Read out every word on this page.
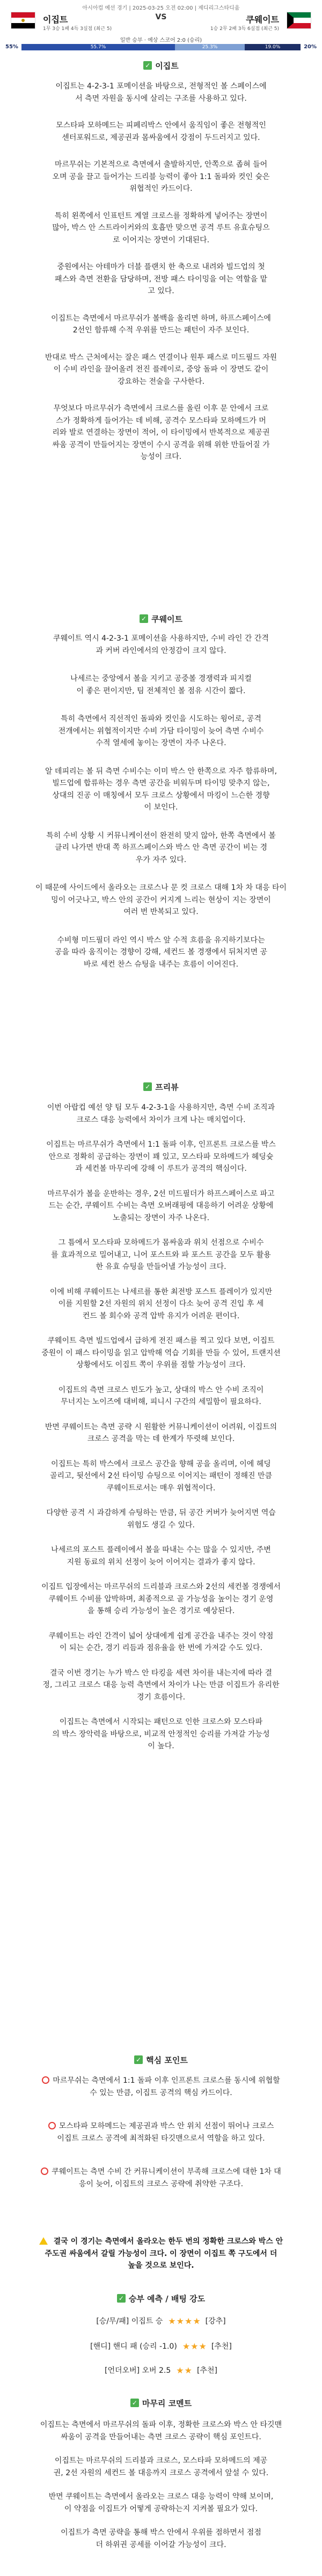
아시아컵 예선 경기 | 2025-03-25 오전 02:00 | 제디리그스타디움
이집트
1무 3승 1패 4득 3실점 (최근 5)
VS	쿠웨이트
1승 2무 2패 3득 6실점 (최근 5)
일반 승부 · 예상 스코어 2:0 (승리)
55%	55.7%	25.3%	19.0%	20%
✓ 이집트
이집트는 4-2-3-1 포메이션을 바탕으로, 전형적인 볼 스페이스에
서 측면 자원을 동시에 살리는 구조를 사용하고 있다.
모스타파 모하메드는 피페리박스 안에서 움직임이 좋은 전형적인
센터포워드로, 제공권과 몸싸움에서 강점이 두드러지고 있다.
마르무쉬는 기본적으로 측면에서 출발하지만, 안쪽으로 좁혀 들어
오며 공을 끌고 들어가는 드리블 능력이 좋아 1:1 돌파와 컷인 슛은
위협적인 카드이다.
특히 왼쪽에서 인표턴트 계열 크로스를 정확하게 넣어주는 장면이
많아, 박스 안 스트라이커와의 호흡만 맞으면 공격 루트 유효슈팅으
로 이어지는 장면이 기대된다.
중원에서는 아테마가 더블 플랜치 한 축으로 내려와 빌드업의 첫
패스와 측면 전환을 담당하며, 전방 패스 타이밍을 여는 역할을 맡
고 있다.
이집트는 측면에서 마르무쉬가 볼백을 올리면 하며, 하프스페이스에
2선인 함류해 수적 우위를 만드는 패턴이 자주 보인다.
반대로 박스 근처에서는 잘은 패스 연결이나 원투 패스로 미드필드 자원
이 수비 라인을 끌어올려 전진 플레이로, 중앙 돌파 이 장면도 같이
강요하는 전술을 구사한다.
무엇보다 마르무쉬가 측면에서 크로스를 올린 이후 문 안에서 크로
스가 정확하게 들어가는 데 비해, 공격수 모스타파 모하메드가 머
리와 발로 연결하는 장면이 적어, 이 타이밍에서 반복적으로 제공권
싸움 공격이 만들어지는 장면이 수시 공격을 위해 위한 만들어질 가
능성이 크다.
✓ 쿠웨이트
쿠웨이트 역시 4-2-3-1 포메이션을 사용하지만, 수비 라인 간 간격
과 커버 라인에서의 안정감이 크지 않다.
나세르는 중앙에서 볼을 지키고 공중볼 경쟁력과 피지컬
이 좋은 편이지만, 팀 전체적인 볼 점유 시간이 짧다.
특히 측면에서 직선적인 돌파와 컷인을 시도하는 윙어로, 공격
전개에서는 위협적이지만 수비 가담 타이밍이 늦어 측면 수비수
수적 열세에 놓이는 장면이 자주 나온다.
알 데피리는 볼 뒤 측면 수비수는 이미 박스 안 한쪽으로 자주 함류하며,
빌드업에 합류하는 경우 측면 공간을 비워두며 타이밍 맞추지 않는,
상대의 진공 이 매칭에서 모두 크로스 상황에서 마킹이 느슨한 경향
이 보인다.
특히 수비 상황 시 커뮤니케이션이 완전히 맞지 않아, 한쪽 측면에서 볼
클리 나가면 반대 쪽 하프스페이스와 박스 안 측면 공간이 비는 경
우가 자주 있다.
이 때문에 사이드에서 올라오는 크로스나 문 컷 크로스 대해 1차 차 대응 타이
밍이 어긋나고, 박스 안의 공간이 커지게 느리는 현상이 지는 장면이
여러 번 반복되고 있다.
수비형 미드필더 라인 역시 박스 앞 수적 흐름을 유지하기보다는
공을 따라 움직이는 경향이 강해, 세컨드 볼 경쟁에서 뒤처지면 공
바로 세컨 찬스 슈팅을 내주는 흐름이 이어진다.
✓ 프리뷰
이번 아랍컵 예선 양 팀 모두 4-2-3-1을 사용하지만, 측면 수비 조직과
크로스 대응 능력에서 차이가 크게 나는 매치업이다.
이집트는 마르무쉬가 측면에서 1:1 돌파 이후, 인프론트 크로스를 박스
안으로 정확히 공급하는 장면이 꽤 있고, 모스타파 모하메드가 헤딩슛
과 세컨볼 마무리에 강해 이 루트가 공격의 핵심이다.
마르무쉬가 볼을 운반하는 경우, 2선 미드필더가 하프스페이스로 파고
드는 순간, 쿠웨이트 수비는 측면 오버래핑에 대응하기 어려운 상황에
노출되는 장면이 자주 나온다.
그 틈에서 모스타파 모하메드가 몸싸움과 위치 선점으로 수비수
를 효과적으로 밀어내고, 니어 포스트와 파 포스트 공간을 모두 활용
한 유효 슈팅을 만들어낼 가능성이 크다.
이에 비해 쿠웨이트는 나세르를 통한 최전방 포스트 플레이가 있지만
이를 지원할 2선 자원의 위치 선정이 다소 늦어 공격 진입 후 세
컨드 볼 회수와 공격 압박 유지가 어려운 편이다.
쿠웨이트 측면 빌드업에서 급하게 전진 패스를 찍고 있다 보면, 이집트
중원이 이 패스 타이밍을 읽고 압박해 역습 기회를 만들 수 있어, 트랜지션
상황에서도 이집트 쪽이 우위를 점할 가능성이 크다.
이집트의 측면 크로스 빈도가 높고, 상대의 박스 안 수비 조직이
무너지는 노이즈에 대비해, 피니시 구간의 세밀함이 필요하다.
반면 쿠웨이트는 측면 공략 시 원활한 커뮤니케이션이 어려워, 이집트의
크로스 공격을 막는 데 한계가 뚜렷해 보인다.
이집트는 특히 박스에서 크로스 공간을 향해 공을 올리며, 이에 헤딩
골리고, 뒷선에서 2선 타이밍 슈팅으로 이어지는 패턴이 정해진 만큼
쿠웨이트로서는 매우 위협적이다.
다양한 공격 시 과감하게 슈팅하는 만큼, 뒤 공간 커버가 늦어지면 역습
위험도 생길 수 있다.
나세르의 포스트 플레이에서 볼을 따내는 수는 많을 수 있지만, 주변
지원 동료의 위치 선정이 늦어 이어지는 결과가 좋지 않다.
이집트 입장에서는 마르무쉬의 드리블과 크로스와 2선의 세컨볼 경쟁에서
쿠웨이트 수비를 압박하며, 최종적으로 골 가능성을 높이는 경기 운영
을 통해 승리 가능성이 높은 경기로 예상된다.
쿠웨이트는 라인 간격이 넓어 상대에게 쉽게 공간을 내주는 것이 약점
이 되는 순간, 경기 리듬과 점유율을 한 번에 가져갈 수도 있다.
결국 이번 경기는 누가 박스 안 타킹을 세련 차이를 내는지에 따라 결
정, 그리고 크로스 대응 능력 측면에서 차이가 나는 만큼 이집트가 유리한
경기 흐름이다.
이집트는 측면에서 시작되는 패턴으로 인한 크로스와 모스타파
의 박스 장악력을 바탕으로, 비교적 안정적인 승리를 가져갈 가능성
이 높다.
✓ 핵심 포인트
마르무쉬는 측면에서 1:1 돌파 이후 인프론트 크로스를 동시에 위협할
수 있는 만큼, 이집트 공격의 핵심 카드이다.
모스타파 모하메드는 제공권과 박스 안 위치 선점이 뛰어나 크로스
이집트 크로스 공격에 최적화된 타깃맨으로서 역할을 하고 있다.
쿠웨이트는 측면 수비 간 커뮤니케이션이 부족해 크로스에 대한 1차 대
응이 늦어, 이집트의 크로스 공략에 취약한 구조다.
결국 이 경기는 측면에서 올라오는 한두 번의 정확한 크로스와 박스 안
주도권 싸움에서 갈릴 가능성이 크다. 이 장면이 이집트 쪽 구도에서 더
높을 것으로 보인다.
✓ 승부 예측 / 배팅 강도
[승/무/패] 이집트 승 ★★★★ [강추]
[핸디] 핸디 패 (승리 -1.0) ★★★ [추천]
[언더오버] 오버 2.5 ★★ [추천]
✓ 마무리 코멘트
이집트는 측면에서 마르무쉬의 돌파 이후, 정확한 크로스와 박스 안 타깃맨
싸움이 공격을 만들어내는 측면 크로스 공략이 핵심 포인트다.
이집트는 마르무쉬의 드리블과 크로스, 모스타파 모하메드의 제공
권, 2선 자원의 세컨드 볼 대응까지 크로스 공격에서 앞설 수 있다.
반면 쿠웨이트는 측면에서 올라오는 크로스 대응 능력이 약해 보이며,
이 약점을 이집트가 어떻게 공략하는지 지켜볼 필요가 있다.
이집트가 측면 공략을 통해 박스 안에서 우위를 점하면서 점점
더 하위권 공세를 이어갈 가능성이 크다.
